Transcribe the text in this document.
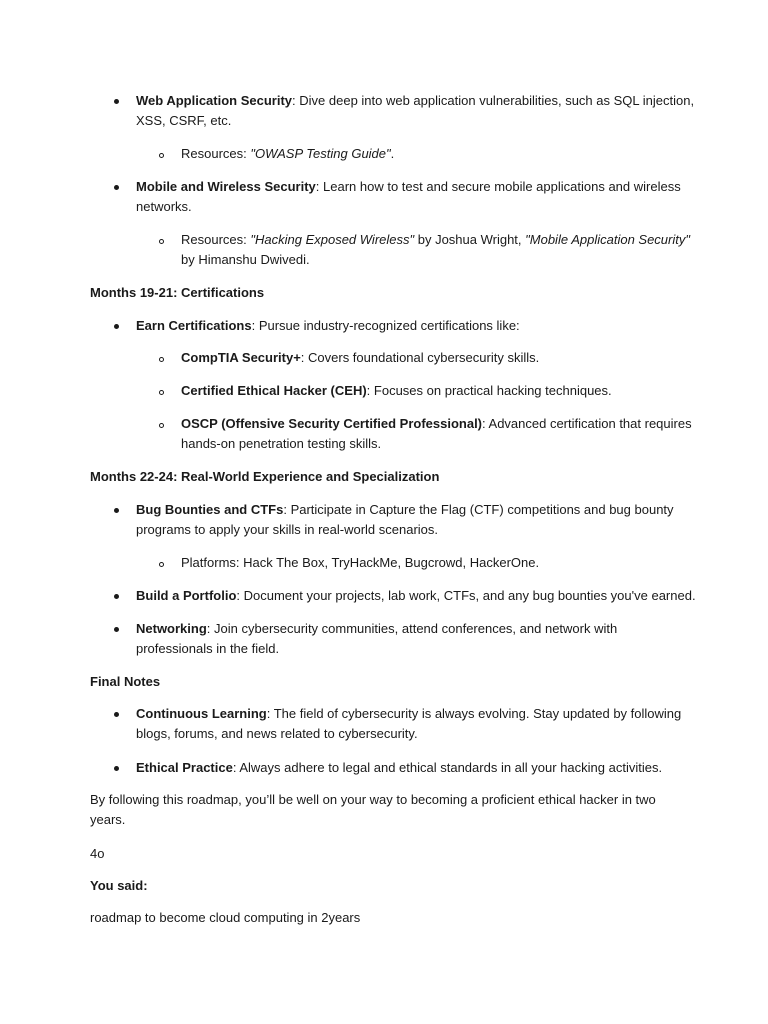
Web Application Security: Dive deep into web application vulnerabilities, such as SQL injection,
XSS, CSRF, etc.
Resources: "OWASP Testing Guide".
Mobile and Wireless Security: Learn how to test and secure mobile applications and wireless
networks.
Resources: "Hacking Exposed Wireless" by Joshua Wright, "Mobile Application Security"
by Himanshu Dwivedi.
Months 19-21: Certifications
Earn Certifications: Pursue industry-recognized certifications like:
CompTIA Security+: Covers foundational cybersecurity skills.
Certified Ethical Hacker (CEH): Focuses on practical hacking techniques.
OSCP (Offensive Security Certified Professional): Advanced certification that requires
hands-on penetration testing skills.
Months 22-24: Real-World Experience and Specialization
Bug Bounties and CTFs: Participate in Capture the Flag (CTF) competitions and bug bounty
programs to apply your skills in real-world scenarios.
Platforms: Hack The Box, TryHackMe, Bugcrowd, HackerOne.
Build a Portfolio: Document your projects, lab work, CTFs, and any bug bounties you've earned.
Networking: Join cybersecurity communities, attend conferences, and network with
professionals in the field.
Final Notes
Continuous Learning: The field of cybersecurity is always evolving. Stay updated by following
blogs, forums, and news related to cybersecurity.
Ethical Practice: Always adhere to legal and ethical standards in all your hacking activities.
By following this roadmap, you’ll be well on your way to becoming a proficient ethical hacker in two
years.
4o
You said:
roadmap to become cloud computing in 2years
